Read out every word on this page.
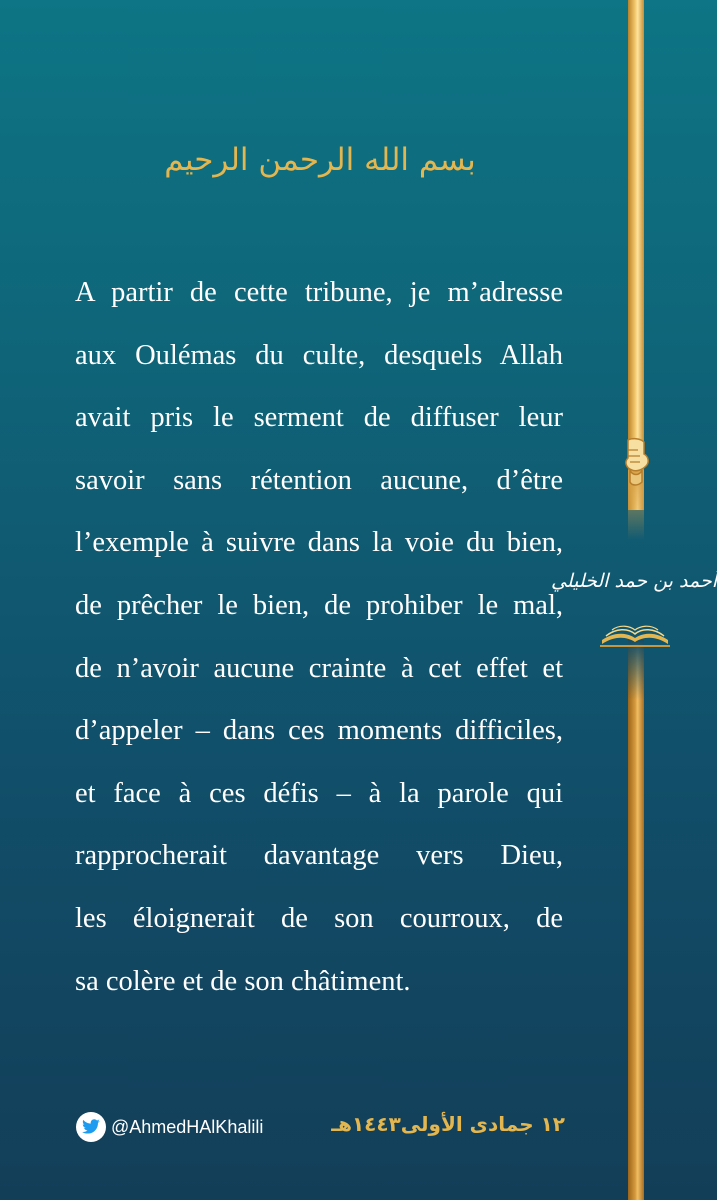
أحمد بن حمد الخليلي
بسم الله الرحمن الرحيم
A partir de cette tribune, je m’adresse
aux Oulémas du culte, desquels Allah
avait pris le serment de diffuser leur
savoir sans rétention aucune, d’être
l’exemple à suivre dans la voie du bien,
de prêcher le bien, de prohiber le mal,
de n’avoir aucune crainte à cet effet et
d’appeler – dans ces moments difficiles,
et face à ces défis – à la parole qui
rapprocherait davantage vers Dieu,
les éloignerait de son courroux, de
sa colère et de son châtiment.
@AhmedHAlKhalili	١٢ جمادى الأولى١٤٤٣هـ
